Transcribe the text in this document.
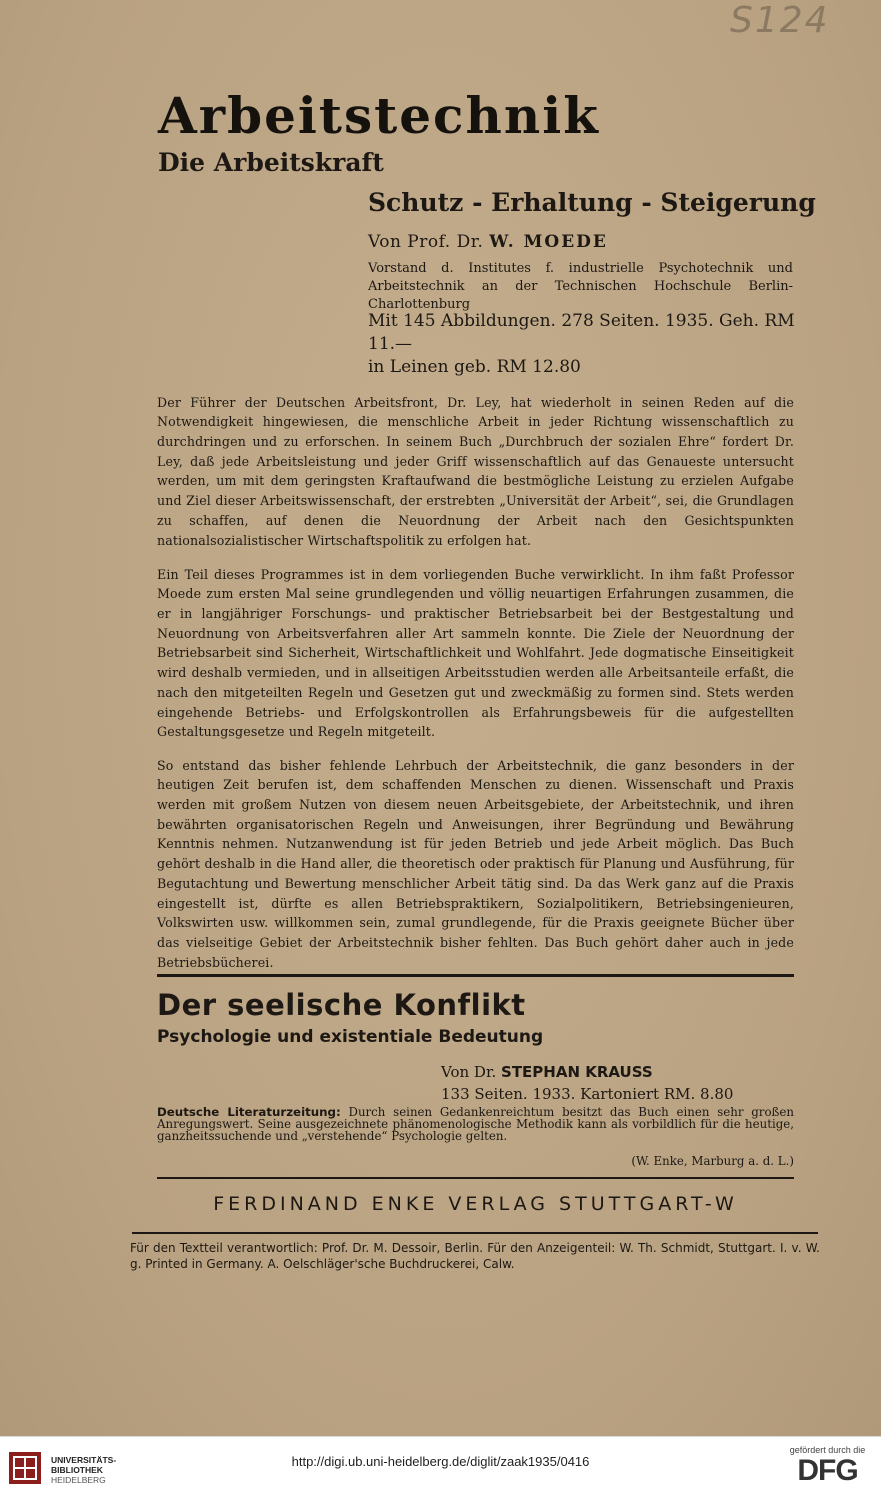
S124
Arbeitstechnik
Die Arbeitskraft
Schutz - Erhaltung - Steigerung
Von Prof. Dr. W. MOEDE
Vorstand d. Institutes f. industrielle Psychotechnik und Arbeitstechnik an der Technischen Hochschule Berlin-Charlottenburg
Mit 145 Abbildungen. 278 Seiten. 1935. Geh. RM 11.—
in Leinen geb. RM 12.80

Der Führer der Deutschen Arbeitsfront, Dr. Ley, hat wiederholt in seinen Reden auf die Notwendigkeit hingewiesen, die menschliche Arbeit in jeder Richtung wissenschaftlich zu durchdringen und zu erforschen. In seinem Buch „Durchbruch der sozialen Ehre“ fordert Dr. Ley, daß jede Arbeitsleistung und jeder Griff wissenschaftlich auf das Genaueste untersucht werden, um mit dem geringsten Kraftaufwand die bestmögliche Leistung zu erzielen Aufgabe und Ziel dieser Arbeitswissenschaft, der erstrebten „Universität der Arbeit“, sei, die Grundlagen zu schaffen, auf denen die Neuordnung der Arbeit nach den Gesichtspunkten nationalsozialistischer Wirtschaftspolitik zu erfolgen hat.

Ein Teil dieses Programmes ist in dem vorliegenden Buche verwirklicht. In ihm faßt Professor Moede zum ersten Mal seine grundlegenden und völlig neuartigen Erfahrungen zusammen, die er in langjähriger Forschungs- und praktischer Betriebsarbeit bei der Bestgestaltung und Neuordnung von Arbeitsverfahren aller Art sammeln konnte. Die Ziele der Neuordnung der Betriebsarbeit sind Sicherheit, Wirtschaftlichkeit und Wohlfahrt. Jede dogmatische Einseitigkeit wird deshalb vermieden, und in allseitigen Arbeitsstudien werden alle Arbeitsanteile erfaßt, die nach den mitgeteilten Regeln und Gesetzen gut und zweckmäßig zu formen sind. Stets werden eingehende Betriebs- und Erfolgskontrollen als Erfahrungsbeweis für die aufgestellten Gestaltungsgesetze und Regeln mitgeteilt.

So entstand das bisher fehlende Lehrbuch der Arbeitstechnik, die ganz besonders in der heutigen Zeit berufen ist, dem schaffenden Menschen zu dienen. Wissenschaft und Praxis werden mit großem Nutzen von diesem neuen Arbeitsgebiete, der Arbeitstechnik, und ihren bewährten organisatorischen Regeln und Anweisungen, ihrer Begründung und Bewährung Kenntnis nehmen. Nutzanwendung ist für jeden Betrieb und jede Arbeit möglich. Das Buch gehört deshalb in die Hand aller, die theoretisch oder praktisch für Planung und Ausführung, für Begutachtung und Bewertung menschlicher Arbeit tätig sind. Da das Werk ganz auf die Praxis eingestellt ist, dürfte es allen Betriebspraktikern, Sozialpolitikern, Betriebsingenieuren, Volkswirten usw. willkommen sein, zumal grundlegende, für die Praxis geeignete Bücher über das vielseitige Gebiet der Arbeitstechnik bisher fehlten. Das Buch gehört daher auch in jede Betriebsbücherei.

Der seelische Konflikt
Psychologie und existentiale Bedeutung
Von Dr. STEPHAN KRAUSS
133 Seiten. 1933. Kartoniert RM. 8.80
Deutsche Literaturzeitung: Durch seinen Gedankenreichtum besitzt das Buch einen sehr großen Anregungswert. Seine ausgezeichnete phänomenologische Methodik kann als vorbildlich für die heutige, ganzheitssuchende und „verstehende“ Psychologie gelten.
(W. Enke, Marburg a. d. L.)
FERDINAND ENKE VERLAG STUTTGART-W
Für den Textteil verantwortlich: Prof. Dr. M. Dessoir, Berlin. Für den Anzeigenteil: W. Th. Schmidt, Stuttgart. I. v. W. g. Printed in Germany. A. Oelschläger'sche Buchdruckerei, Calw.
UNIVERSITÄTS-
BIBLIOTHEK
HEIDELBERG
http://digi.ub.uni-heidelberg.de/diglit/zaak1935/0416
gefördert durch die
DFG
